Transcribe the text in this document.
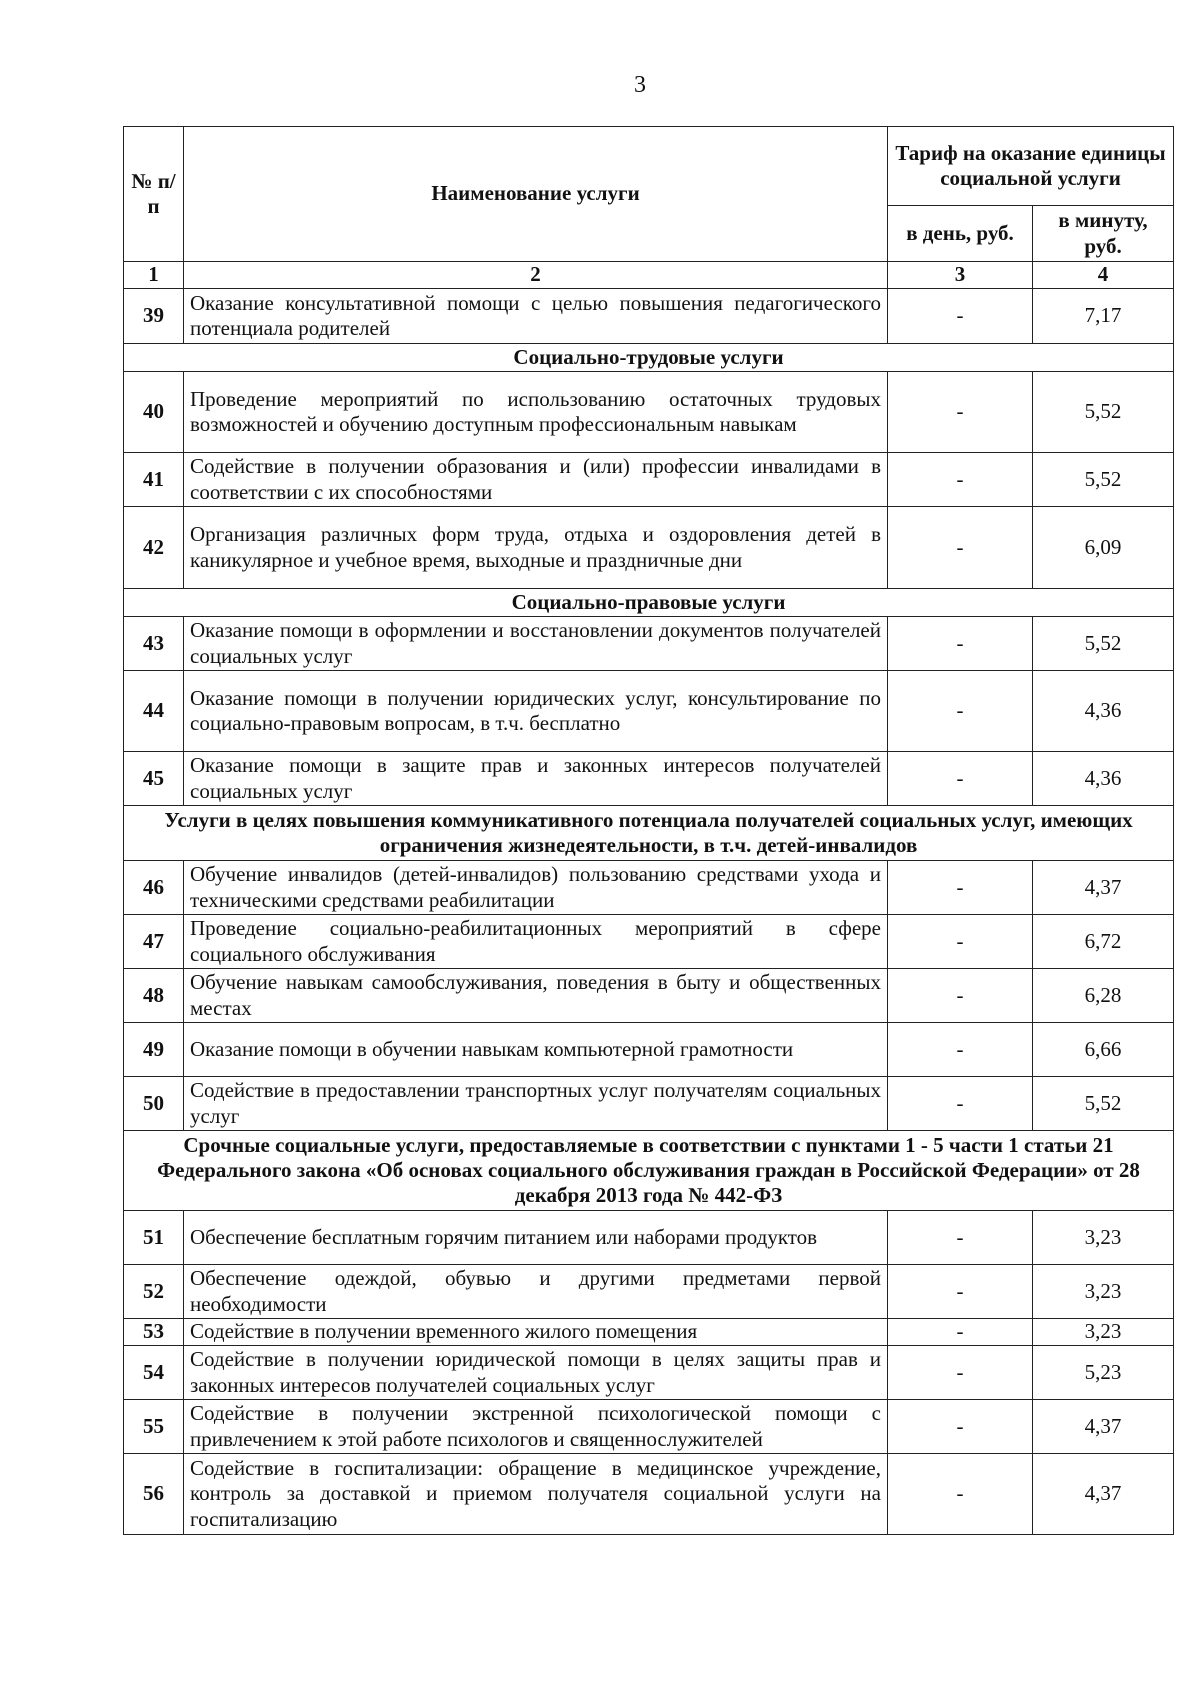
3
№ п/п	Наименование услуги	Тариф на оказание единицы социальной услуги	
		в день, руб.	в минуту, руб.
1	2	3	4
39	Оказание консультативной помощи с целью повышения педагогического потенциала родителей	-	7,17
Социально-трудовые услуги			
40	Проведение мероприятий по использованию остаточных трудовых возможностей и обучению доступным профессиональным навыкам	-	5,52
41	Содействие в получении образования и (или) профессии инвалидами в соответствии с их способностями	-	5,52
42	Организация различных форм труда, отдыха и оздоровления детей в каникулярное и учебное время, выходные и праздничные дни	-	6,09
Социально-правовые услуги			
43	Оказание помощи в оформлении и восстановлении документов получателей социальных услуг	-	5,52
44	Оказание помощи в получении юридических услуг, консультирование по социально-правовым вопросам, в т.ч. бесплатно	-	4,36
45	Оказание помощи в защите прав и законных интересов получателей социальных услуг	-	4,36
Услуги в целях повышения коммуникативного потенциала получателей социальных услуг, имеющих ограничения жизнедеятельности, в т.ч. детей-инвалидов			
46	Обучение инвалидов (детей-инвалидов) пользованию средствами ухода и техническими средствами реабилитации	-	4,37
47	Проведение социально-реабилитационных мероприятий в сфере социального обслуживания	-	6,72
48	Обучение навыкам самообслуживания, поведения в быту и общественных местах	-	6,28
49	Оказание помощи в обучении навыкам компьютерной грамотности	-	6,66
50	Содействие в предоставлении транспортных услуг получателям социальных услуг	-	5,52
Срочные социальные услуги, предоставляемые в соответствии с пунктами 1 - 5 части 1 статьи 21 Федерального закона «Об основах социального обслуживания граждан в Российской Федерации» от 28 декабря 2013 года № 442-ФЗ			
51	Обеспечение бесплатным горячим питанием или наборами продуктов	-	3,23
52	Обеспечение одеждой, обувью и другими предметами первой необходимости	-	3,23
53	Содействие в получении временного жилого помещения	-	3,23
54	Содействие в получении юридической помощи в целях защиты прав и законных интересов получателей социальных услуг	-	5,23
55	Содействие в получении экстренной психологической помощи с привлечением к этой работе психологов и священнослужителей	-	4,37
56	Содействие в госпитализации: обращение в медицинское учреждение, контроль за доставкой и приемом получателя социальной услуги на госпитализацию	-	4,37
